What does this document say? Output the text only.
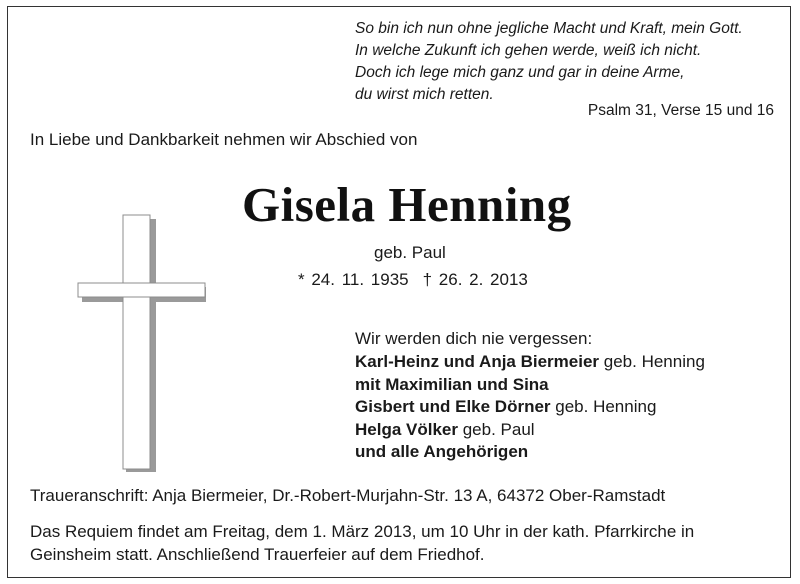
So bin ich nun ohne jegliche Macht und Kraft, mein Gott.
In welche Zukunft ich gehen werde, weiß ich nicht.
Doch ich lege mich ganz und gar in deine Arme,
du wirst mich retten.
Psalm 31, Verse 15 und 16
In Liebe und Dankbarkeit nehmen wir Abschied von
Gisela Henning
geb. Paul
* 24. 11. 1935 † 26. 2. 2013
Wir werden dich nie vergessen:
Karl-Heinz und Anja Biermeier geb. Henning
mit Maximilian und Sina
Gisbert und Elke Dörner geb. Henning
Helga Völker geb. Paul
und alle Angehörigen
Traueranschrift: Anja Biermeier, Dr.-Robert-Murjahn-Str. 13 A, 64372 Ober-Ramstadt
Das Requiem findet am Freitag, dem 1. März 2013, um 10 Uhr in der kath. Pfarrkirche in
Geinsheim statt. Anschließend Trauerfeier auf dem Friedhof.
